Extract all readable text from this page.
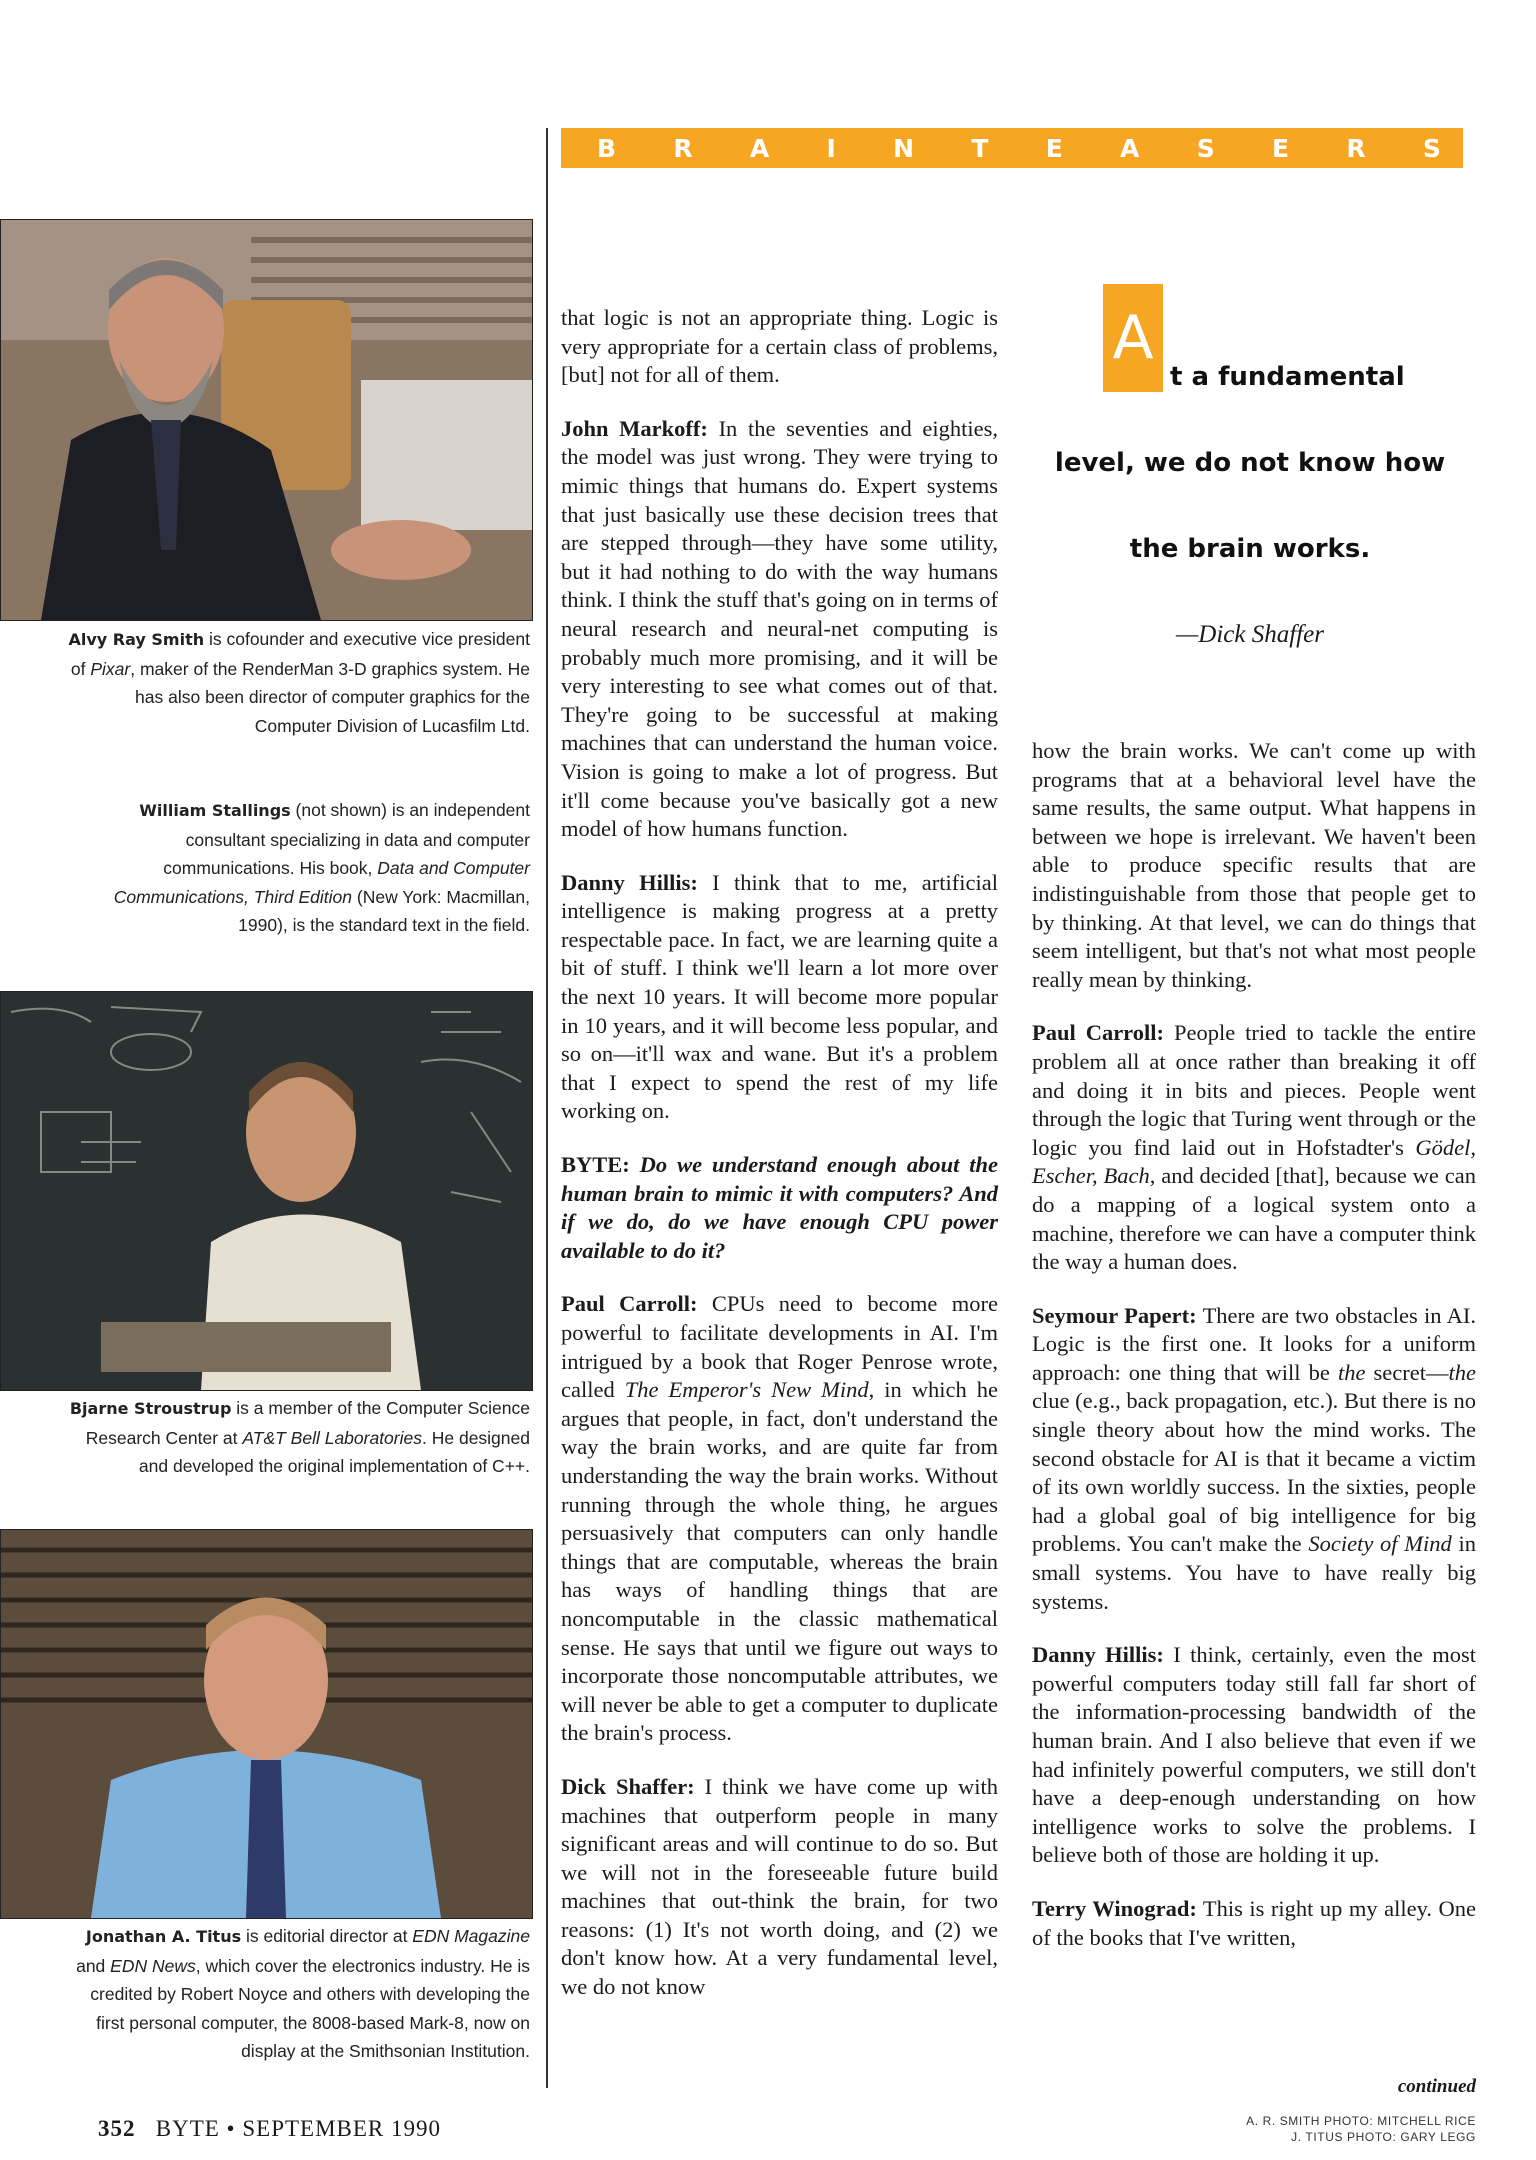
B R A I N T E A S E R S
Alvy Ray Smith is cofounder and executive vice president of Pixar, maker of the RenderMan 3-D graphics system. He has also been director of computer graphics for the Computer Division of Lucasfilm Ltd.
William Stallings (not shown) is an independent consultant specializing in data and computer communications. His book, Data and Computer Communications, Third Edition (New York: Macmillan, 1990), is the standard text in the field.
Bjarne Stroustrup is a member of the Computer Science Research Center at AT&T Bell Laboratories. He designed and developed the original implementation of C++.
Jonathan A. Titus is editorial director at EDN Magazine and EDN News, which cover the electronics industry. He is credited by Robert Noyce and others with developing the first personal computer, the 8008-based Mark-8, now on display at the Smithsonian Institution.

that logic is not an appropriate thing. Logic is very appropriate for a certain class of problems, [but] not for all of them.

John Markoff: In the seventies and eighties, the model was just wrong. They were trying to mimic things that humans do. Expert systems that just basically use these decision trees that are stepped through—they have some utility, but it had nothing to do with the way humans think. I think the stuff that's going on in terms of neural research and neural-net computing is probably much more promising, and it will be very interesting to see what comes out of that. They're going to be successful at making machines that can understand the human voice. Vision is going to make a lot of progress. But it'll come because you've basically got a new model of how humans function.

Danny Hillis: I think that to me, artificial intelligence is making progress at a pretty respectable pace. In fact, we are learning quite a bit of stuff. I think we'll learn a lot more over the next 10 years. It will become more popular in 10 years, and it will become less popular, and so on—it'll wax and wane. But it's a problem that I expect to spend the rest of my life working on.

BYTE: Do we understand enough about the human brain to mimic it with computers? And if we do, do we have enough CPU power available to do it?

Paul Carroll: CPUs need to become more powerful to facilitate developments in AI. I'm intrigued by a book that Roger Penrose wrote, called The Emperor's New Mind, in which he argues that people, in fact, don't understand the way the brain works, and are quite far from understanding the way the brain works. Without running through the whole thing, he argues persuasively that computers can only handle things that are computable, whereas the brain has ways of handling things that are noncomputable in the classic mathematical sense. He says that until we figure out ways to incorporate those noncomputable attributes, we will never be able to get a computer to duplicate the brain's process.

Dick Shaffer: I think we have come up with machines that outperform people in many significant areas and will continue to do so. But we will not in the foreseeable future build machines that out-think the brain, for two reasons: (1) It's not worth doing, and (2) we don't know how. At a very fundamental level, we do not know

A
t a fundamental
level, we do not know how
the brain works.
—Dick Shaffer

how the brain works. We can't come up with programs that at a behavioral level have the same results, the same output. What happens in between we hope is irrelevant. We haven't been able to produce specific results that are indistinguishable from those that people get to by thinking. At that level, we can do things that seem intelligent, but that's not what most people really mean by thinking.

Paul Carroll: People tried to tackle the entire problem all at once rather than breaking it off and doing it in bits and pieces. People went through the logic that Turing went through or the logic you find laid out in Hofstadter's Gödel, Escher, Bach, and decided [that], because we can do a mapping of a logical system onto a machine, therefore we can have a computer think the way a human does.

Seymour Papert: There are two obstacles in AI. Logic is the first one. It looks for a uniform approach: one thing that will be the secret—the clue (e.g., back propagation, etc.). But there is no single theory about how the mind works. The second obstacle for AI is that it became a victim of its own worldly success. In the sixties, people had a global goal of big intelligence for big problems. You can't make the Society of Mind in small systems. You have to have really big systems.

Danny Hillis: I think, certainly, even the most powerful computers today still fall far short of the information-processing bandwidth of the human brain. And I also believe that even if we had infinitely powerful computers, we still don't have a deep-enough understanding on how intelligence works to solve the problems. I believe both of those are holding it up.

Terry Winograd: This is right up my alley. One of the books that I've written,

continued
352 BYTE • SEPTEMBER 1990	A. R. SMITH PHOTO: MITCHELL RICE
J. TITUS PHOTO: GARY LEGG
